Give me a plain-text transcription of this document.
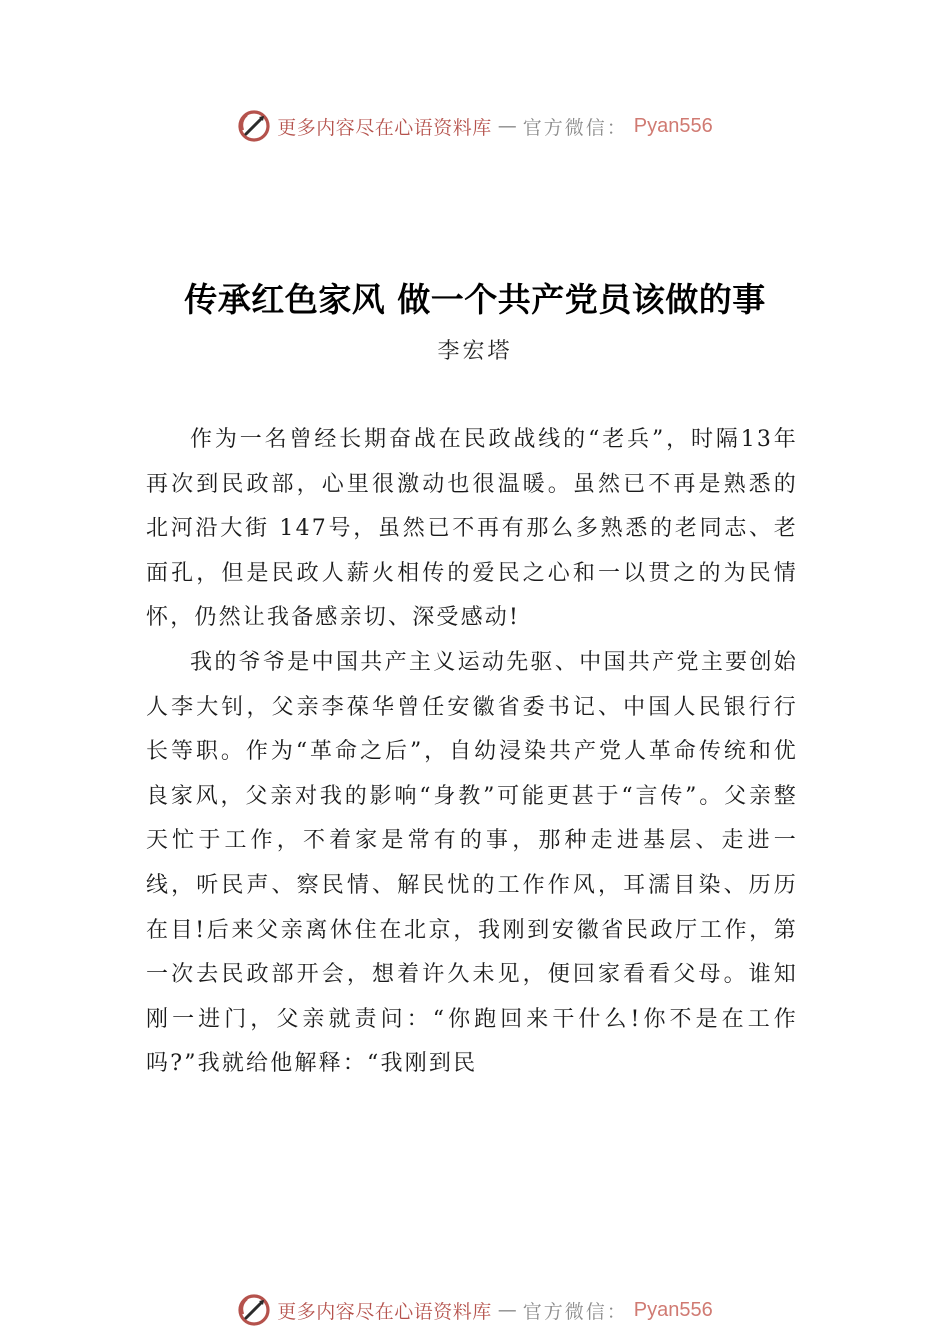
更多内容尽在心语资料库 — 官方微信： Pyan556
传承红色家风 做一个共产党员该做的事
李宏塔

作为一名曾经长期奋战在民政战线的“老兵”，时隔13年再次到民政部，心里很激动也很温暖。虽然已不再是熟悉的北河沿大街 147号，虽然已不再有那么多熟悉的老同志、老面孔，但是民政人薪火相传的爱民之心和一以贯之的为民情怀，仍然让我备感亲切、深受感动!

我的爷爷是中国共产主义运动先驱、中国共产党主要创始人李大钊，父亲李葆华曾任安徽省委书记、中国人民银行行长等职。作为“革命之后”，自幼浸染共产党人革命传统和优良家风，父亲对我的影响“身教”可能更甚于“言传”。父亲整天忙于工作，不着家是常有的事，那种走进基层、走进一线，听民声、察民情、解民忧的工作作风，耳濡目染、历历在目!后来父亲离休住在北京，我刚到安徽省民政厅工作，第一次去民政部开会，想着许久未见，便回家看看父母。谁知刚一进门，父亲就责问：“你跑回来干什么!你不是在工作吗?”我就给他解释：“我刚到民

更多内容尽在心语资料库 — 官方微信： Pyan556
